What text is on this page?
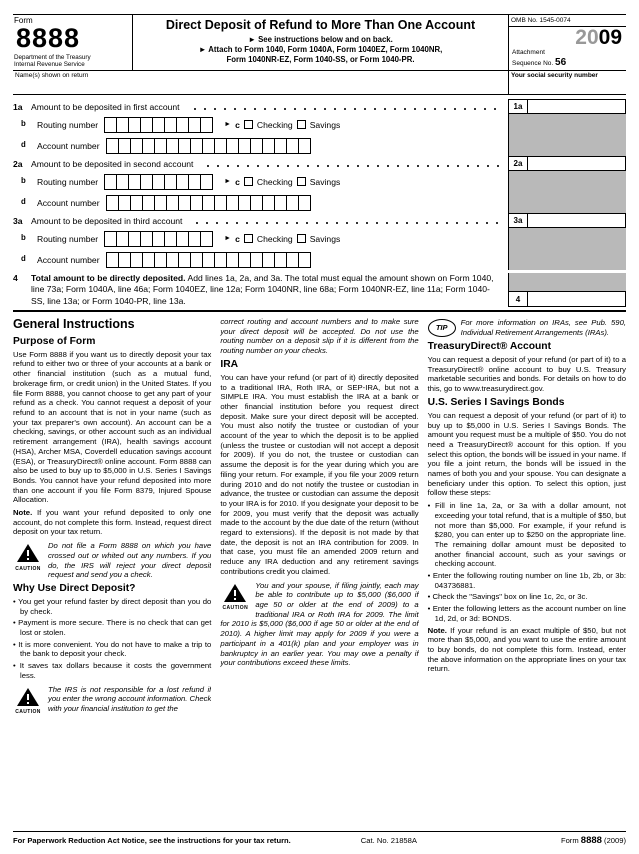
Form
8888
Department of the Treasury
Internal Revenue Service
Direct Deposit of Refund to More Than One Account
► See instructions below and on back.
► Attach to Form 1040, Form 1040A, Form 1040EZ, Form 1040NR,
Form 1040NR-EZ, Form 1040-SS, or Form 1040-PR.
OMB No. 1545-0074
2009
Attachment
Sequence No. 56
Name(s) shown on return	Your social security number
1a Amount to be deposited in first account	1a
b	Routing number	► c Checking Savings
d	Account number
2a Amount to be deposited in second account	2a
b	Routing number	► c Checking Savings
d	Account number
3a Amount to be deposited in third account	3a
b	Routing number	► c Checking Savings
d	Account number
4	Total amount to be directly deposited. Add lines 1a, 2a, and 3a. The total must equal the amount shown on Form 1040, line 73a; Form 1040A, line 46a; Form 1040EZ, line 12a; Form 1040NR, line 68a; Form 1040NR-EZ, line 11a; Form 1040-SS, line 13a; or Form 1040-PR, line 13a.	4
General Instructions
Purpose of Form
Use Form 8888 if you want us to directly deposit your tax refund to either two or three of your accounts at a bank or other financial institution (such as a mutual fund, brokerage firm, or credit union) in the United States. If you file Form 8888, you cannot choose to get any part of your refund as a check. You cannot request a deposit of your refund to an account that is not in your name (such as your tax preparer's own account). An account can be a checking, savings, or other account such as an individual retirement arrangement (IRA), health savings account (HSA), Archer MSA, Coverdell education savings account (ESA), or TreasuryDirect® online account. Form 8888 can also be used to buy up to $5,000 in U.S. Series I Savings Bonds. You cannot have your refund deposited into more than one account if you file Form 8379, Injured Spouse Allocation.
Note. If you want your refund deposited to only one account, do not complete this form. Instead, request direct deposit on your tax return.
CAUTION
Do not file a Form 8888 on which you have crossed out or whited out any numbers. If you do, the IRS will reject your direct deposit request and send you a check.
Why Use Direct Deposit?
• You get your refund faster by direct deposit than you do by check.
• Payment is more secure. There is no check that can get lost or stolen.
• It is more convenient. You do not have to make a trip to the bank to deposit your check.
• It saves tax dollars because it costs the government less.
CAUTION
The IRS is not responsible for a lost refund if you enter the wrong account information. Check with your financial institution to get the
correct routing and account numbers and to make sure your direct deposit will be accepted. Do not use the routing number on a deposit slip if it is different from the routing number on your checks.
IRA
You can have your refund (or part of it) directly deposited to a traditional IRA, Roth IRA, or SEP-IRA, but not a SIMPLE IRA. You must establish the IRA at a bank or other financial institution before you request direct deposit. Make sure your direct deposit will be accepted. You must also notify the trustee or custodian of your account of the year to which the deposit is to be applied (unless the trustee or custodian will not accept a deposit for 2009). If you do not, the trustee or custodian can assume the deposit is for the year during which you are filing your return. For example, if you file your 2009 return during 2010 and do not notify the trustee or custodian in advance, the trustee or custodian can assume the deposit to your IRA is for 2010. If you designate your deposit to be for 2009, you must verify that the deposit was actually made to the account by the due date of the return (without regard to extensions). If the deposit is not made by that date, the deposit is not an IRA contribution for 2009. In that case, you must file an amended 2009 return and reduce any IRA deduction and any retirement savings contributions credit you claimed.
CAUTION
You and your spouse, if filing jointly, each may be able to contribute up to $5,000 ($6,000 if age 50 or older at the end of 2009) to a traditional IRA or Roth IRA for 2009. The limit for 2010 is $5,000 ($6,000 if age 50 or older at the end of 2010). A higher limit may apply for 2009 if you were a participant in a 401(k) plan and your employer was in bankruptcy in an earlier year. You may owe a penalty if your contributions exceed these limits.
TIP
For more information on IRAs, see Pub. 590, Individual Retirement Arrangements (IRAs).
TreasuryDirect® Account
You can request a deposit of your refund (or part of it) to a TreasuryDirect® online account to buy U.S. Treasury marketable securities and bonds. For details on how to do this, go to www.treasurydirect.gov.
U.S. Series I Savings Bonds
You can request a deposit of your refund (or part of it) to buy up to $5,000 in U.S. Series I Savings Bonds. The amount you request must be a multiple of $50. You do not need a TreasuryDirect® account for this option. If you select this option, the bonds will be issued in your name. If you file a joint return, the bonds will be issued in the names of both you and your spouse. You can designate a beneficiary under this option. To select this option, just follow these steps:
• Fill in line 1a, 2a, or 3a with a dollar amount, not exceeding your total refund, that is a multiple of $50, but not more than $5,000. For example, if your refund is $280, you can enter up to $250 on the appropriate line. The remaining dollar amount must be deposited to another financial account, such as your savings or checking account.
• Enter the following routing number on line 1b, 2b, or 3b: 043736881.
• Check the "Savings" box on line 1c, 2c, or 3c.
• Enter the following letters as the account number on line 1d, 2d, or 3d: BONDS.
Note. If your refund is an exact multiple of $50, but not more than $5,000, and you want to use the entire amount to buy bonds, do not complete this form. Instead, enter the above information on the appropriate lines on your tax return.
For Paperwork Reduction Act Notice, see the instructions for your tax return.	Cat. No. 21858A	Form 8888 (2009)
